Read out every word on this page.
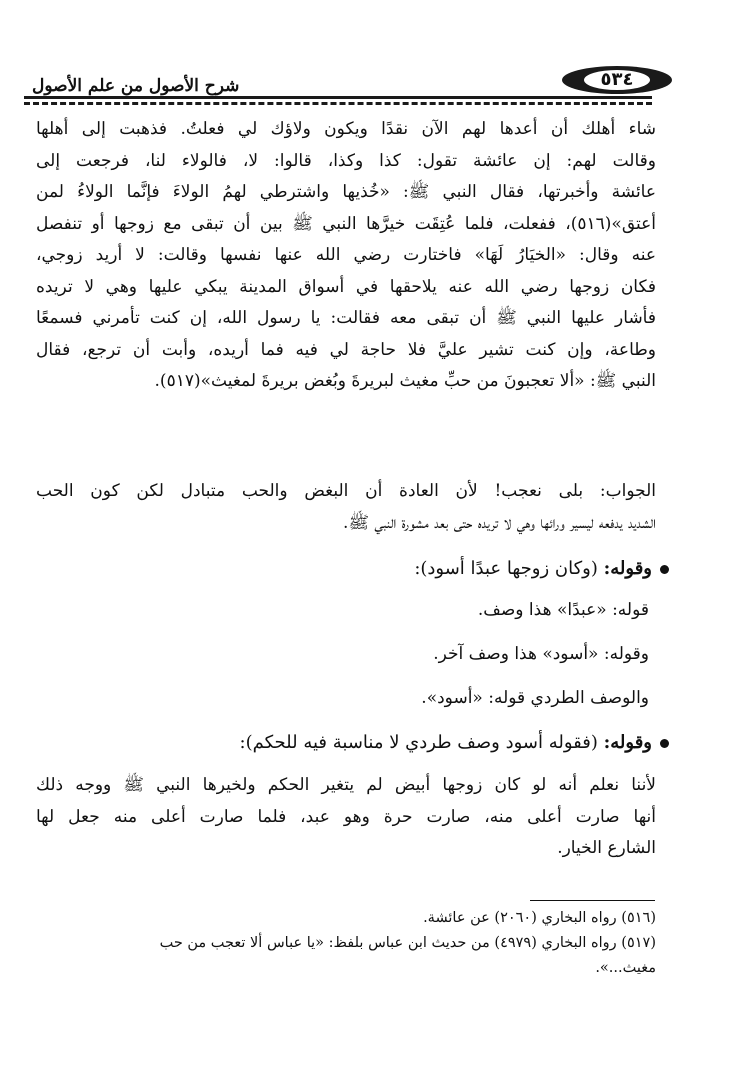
شرح الأصول من علم الأصول	٥٣٤

شاء أهلك أن أعدها لهم الآن نقدًا ويكون ولاؤك لي فعلتُ. فذهبت إلى أهلها

وقالت لهم: إن عائشة تقول: كذا وكذا، قالوا: لا، فالولاء لنا، فرجعت إلى

عائشة وأخبرتها، فقال النبي ﷺ: «خُذيها واشترطي لهمُ الولاءَ فإنَّما الولاءُ لمن

أعتق»(٥١٦)، ففعلت، فلما عُتِقَت خيرَّها النبي ﷺ بين أن تبقى مع زوجها أو تنفصل

عنه وقال: «الخيَارُ لَهَا» فاختارت رضي الله عنها نفسها وقالت: لا أريد زوجي،

فكان زوجها رضي الله عنه يلاحقها في أسواق المدينة يبكي عليها وهي لا تريده

فأشار عليها النبي ﷺ أن تبقى معه فقالت: يا رسول الله، إن كنت تأمرني فسمعًا

وطاعة، وإن كنت تشير عليَّ فلا حاجة لي فيه فما أريده، وأبت أن ترجع، فقال

النبي ﷺ: «ألا تعجبونَ من حبِّ مغيث لبريرةَ وبُغض بريرةَ لمغيث»(٥١٧).

الجواب: بلى نعجب! لأن العادة أن البغض والحب متبادل لكن كون الحب

الشديد يدفعه ليسير ورائها وهي لا تريده حتى بعد مشورة النبي ﷺ.

وقوله: (وكان زوجها عبدًا أسود):
قوله: «عبدًا» هذا وصف.
وقوله: «أسود» هذا وصف آخر.
والوصف الطردي قوله: «أسود».
وقوله: (فقوله أسود وصف طردي لا مناسبة فيه للحكم):

لأننا نعلم أنه لو كان زوجها أبيض لم يتغير الحكم ولخيرها النبي ﷺ ووجه ذلك

أنها صارت أعلى منه، صارت حرة وهو عبد، فلما صارت أعلى منه جعل لها

الشارع الخيار.

(٥١٦) رواه البخاري (٢٠٦٠) عن عائشة.

(٥١٧) رواه البخاري (٤٩٧٩) من حديث ابن عباس بلفظ: «يا عباس ألا تعجب من حب

مغيث...».
